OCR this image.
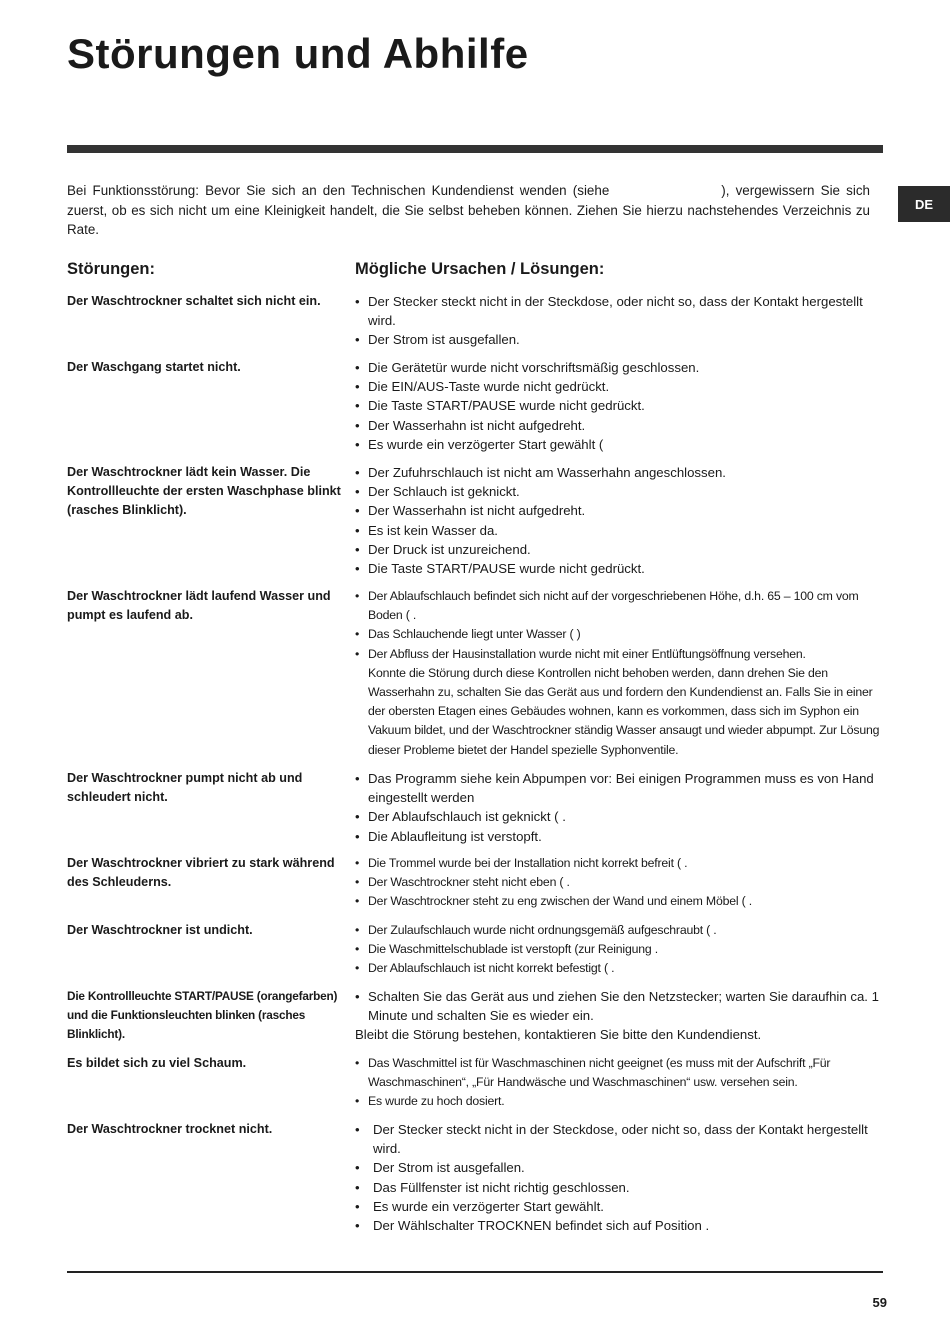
Störungen und Abhilfe
DE

Bei Funktionsstörung: Bevor Sie sich an den Technischen Kundendienst wenden (siehe	), vergewissern Sie sich zuerst, ob es sich nicht um eine Kleinigkeit handelt, die Sie selbst beheben können. Ziehen Sie hierzu nachstehendes Verzeichnis zu Rate.

Störungen:	Mögliche Ursachen / Lösungen:

Der Waschtrockner schaltet sich nicht ein.	• Der Stecker steckt nicht in der Steckdose, oder nicht so, dass der Kontakt hergestellt wird.
• Der Strom ist ausgefallen.

Der Waschgang startet nicht.	• Die Gerätetür wurde nicht vorschriftsmäßig geschlossen.
• Die EIN/AUS-Taste wurde nicht gedrückt.
• Die Taste START/PAUSE wurde nicht gedrückt.
• Der Wasserhahn ist nicht aufgedreht.
• Es wurde ein verzögerter Start gewählt (

Der Waschtrockner lädt kein Wasser. Die Kontrollleuchte der ersten Waschphase blinkt (rasches Blinklicht).

• Der Zufuhrschlauch ist nicht am Wasserhahn angeschlossen.
• Der Schlauch ist geknickt.
• Der Wasserhahn ist nicht aufgedreht.
• Es ist kein Wasser da.
• Der Druck ist unzureichend.
• Die Taste START/PAUSE wurde nicht gedrückt.

Der Waschtrockner lädt laufend Wasser und pumpt es laufend ab.

• Der Ablaufschlauch befindet sich nicht auf der vorgeschriebenen Höhe, d.h. 65 – 100 cm vom Boden ( .
• Das Schlauchende liegt unter Wasser ( )
• Der Abfluss der Hausinstallation wurde nicht mit einer Entlüftungsöffnung versehen.
Konnte die Störung durch diese Kontrollen nicht behoben werden, dann drehen Sie den Wasserhahn zu, schalten Sie das Gerät aus und fordern den Kundendienst an. Falls Sie in einer der obersten Etagen eines Gebäudes wohnen, kann es vorkommen, dass sich im Syphon ein Vakuum bildet, und der Waschtrockner ständig Wasser ansaugt und wieder abpumpt. Zur Lösung dieser Probleme bietet der Handel spezielle Syphonventile.

Der Waschtrockner pumpt nicht ab und schleudert nicht.

• Das Programm siehe kein Abpumpen vor: Bei einigen Programmen muss es von Hand eingestellt werden
• Der Ablaufschlauch ist geknickt ( .
• Die Ablaufleitung ist verstopft.

Der Waschtrockner vibriert zu stark während des Schleuderns.

• Die Trommel wurde bei der Installation nicht korrekt befreit ( .
• Der Waschtrockner steht nicht eben ( .
• Der Waschtrockner steht zu eng zwischen der Wand und einem Möbel ( .

Der Waschtrockner ist undicht.	• Der Zulaufschlauch wurde nicht ordnungsgemäß aufgeschraubt ( .
• Die Waschmittelschublade ist verstopft (zur Reinigung .
• Der Ablaufschlauch ist nicht korrekt befestigt ( .

Die Kontrollleuchte START/PAUSE (orangefarben) und die Funktionsleuchten blinken (rasches Blinklicht).

• Schalten Sie das Gerät aus und ziehen Sie den Netzstecker; warten Sie daraufhin ca. 1 Minute und schalten Sie es wieder ein.
Bleibt die Störung bestehen, kontaktieren Sie bitte den Kundendienst.

Es bildet sich zu viel Schaum.	• Das Waschmittel ist für Waschmaschinen nicht geeignet (es muss mit der Aufschrift „Für Waschmaschinen“, „Für Handwäsche und Waschmaschinen“ usw. versehen sein.
• Es wurde zu hoch dosiert.

Der Waschtrockner trocknet nicht.	• Der Stecker steckt nicht in der Steckdose, oder nicht so, dass der Kontakt hergestellt wird.
• Der Strom ist ausgefallen.
• Das Füllfenster ist nicht richtig geschlossen.
• Es wurde ein verzögerter Start gewählt.
• Der Wählschalter TROCKNEN befindet sich auf Position .
59
